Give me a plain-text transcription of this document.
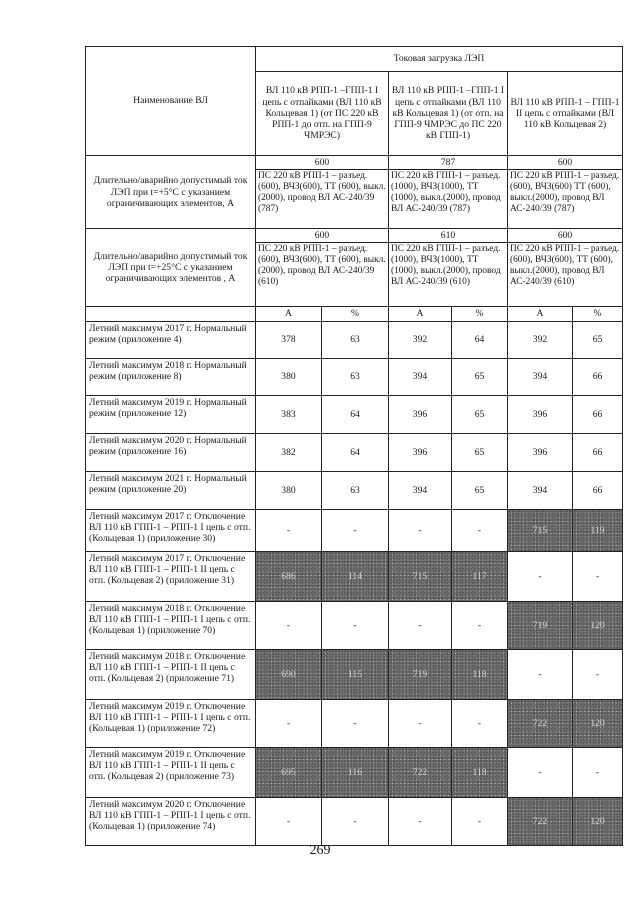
Наименование ВЛ	Токовая загрузка ЛЭП					
	ВЛ 110 кВ РПП-1 –ГПП-1 I цепь с отпайками (ВЛ 110 кВ Кольцевая 1) (от ПС 220 кВ РПП-1 до отп. на ГПП-9 ЧМРЭС)		ВЛ 110 кВ РПП-1 –ГПП-1 I цепь с отпайками (ВЛ 110 кВ Кольцевая 1) (от отп. на ГПП-9 ЧМРЭС до ПС 220 кВ ГПП-1)		ВЛ 110 кВ РПП-1 – ГПП-1 II цепь с отпайками (ВЛ 110 кВ Кольцевая 2)	
Длительно/аварийно допустимый ток ЛЭП при t=+5°C с указанием ограничивающих элементов, А	600		787		600	
	ПС 220 кВ РПП-1 – разъед. (600), ВЧЗ(600), ТТ (600), выкл.(2000), провод ВЛ АС-240/39 (787)		ПС 220 кВ ГПП-1 – разъед. (1000), ВЧЗ(1000), ТТ (1000), выкл.(2000), провод ВЛ АС-240/39 (787)		ПС 220 кВ РПП-1 – разъед. (600), ВЧЗ(600) ТТ (600), выкл.(2000), провод ВЛ АС-240/39 (787)	
Длительно/аварийно допустимый ток ЛЭП при t=+25°C с указанием ограничивающих элементов , А	600		610		600	
	ПС 220 кВ РПП-1 – разъед. (600), ВЧЗ(600), ТТ (600), выкл.(2000), провод ВЛ АС-240/39 (610)		ПС 220 кВ ГПП-1 – разъед. (1000), ВЧЗ(1000), ТТ (1000), выкл.(2000), провод ВЛ АС-240/39 (610)		ПС 220 кВ РПП-1 – разъед. (600), ВЧЗ(600), ТТ (600), выкл.(2000), провод ВЛ АС-240/39 (610)	
	А	%	А	%	А	%
Летний максимум 2017 г. Нормальный режим (приложение 4)	378	63	392	64	392	65
Летний максимум 2018 г. Нормальный режим (приложение 8)	380	63	394	65	394	66
Летний максимум 2019 г. Нормальный режим (приложение 12)	383	64	396	65	396	66
Летний максимум 2020 г. Нормальный режим (приложение 16)	382	64	396	65	396	66
Летний максимум 2021 г. Нормальный режим (приложение 20)	380	63	394	65	394	66
Летний максимум 2017 г. Отключение ВЛ 110 кВ ГПП-1 – РПП-1 I цепь с отп. (Кольцевая 1) (приложение 30)	-	-	-	-	715	119
Летний максимум 2017 г. Отключение ВЛ 110 кВ ГПП-1 – РПП-1 II цепь с отп. (Кольцевая 2) (приложение 31)	686	114	715	117	-	-
Летний максимум 2018 г. Отключение ВЛ 110 кВ ГПП-1 – РПП-1 I цепь с отп. (Кольцевая 1) (приложение 70)	-	-	-	-	719	120
Летний максимум 2018 г. Отключение ВЛ 110 кВ ГПП-1 – РПП-1 II цепь с отп. (Кольцевая 2) (приложение 71)	690	115	719	118	-	-
Летний максимум 2019 г. Отключение ВЛ 110 кВ ГПП-1 – РПП-1 I цепь с отп. (Кольцевая 1) (приложение 72)	-	-	-	-	722	120
Летний максимум 2019 г. Отключение ВЛ 110 кВ ГПП-1 – РПП-1 II цепь с отп. (Кольцевая 2) (приложение 73)	695	116	722	118	-	-
Летний максимум 2020 г. Отключение ВЛ 110 кВ ГПП-1 – РПП-1 I цепь с отп. (Кольцевая 1) (приложение 74)	-	-	-	-	722	120
269
